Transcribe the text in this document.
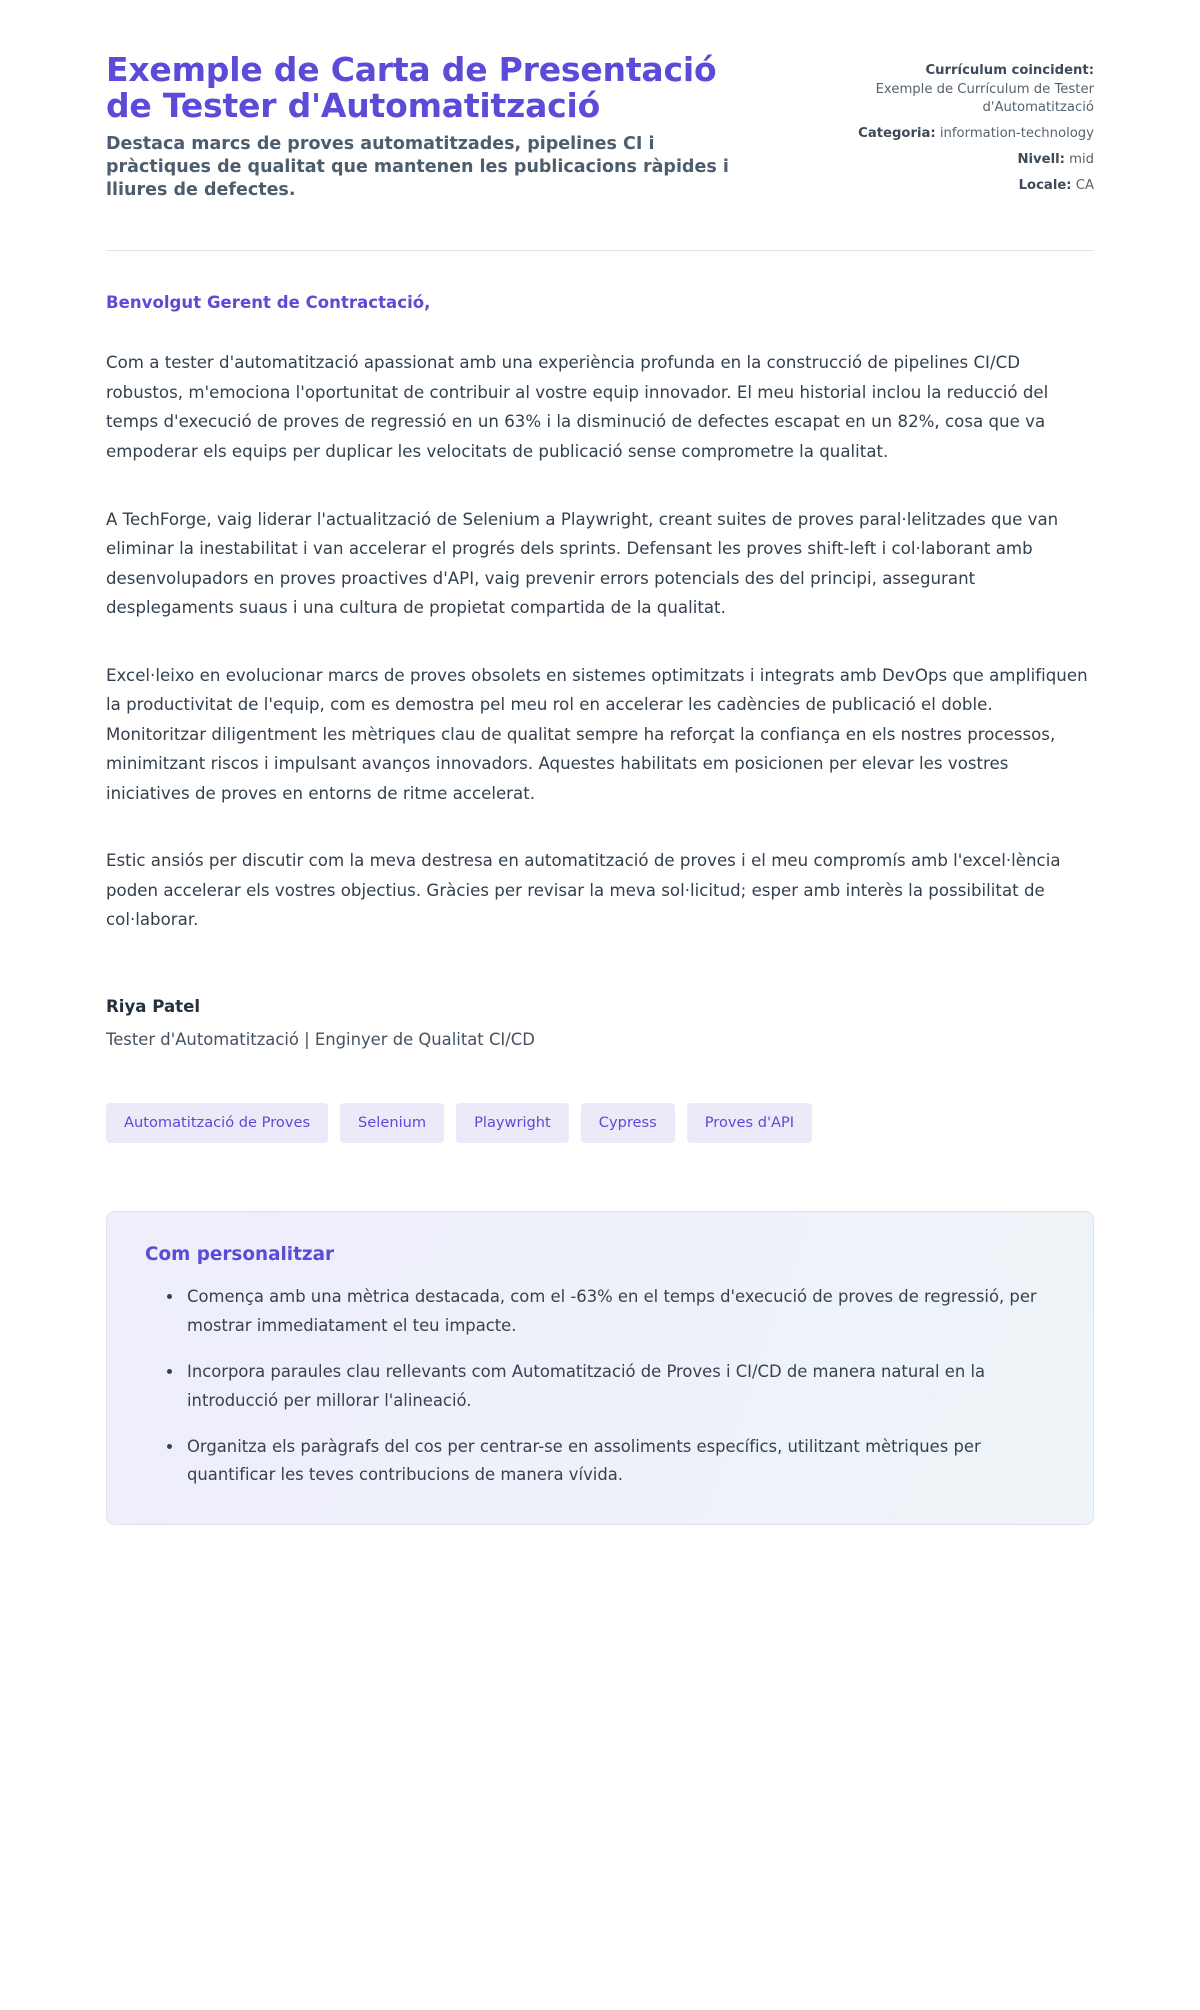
Exemple de Carta de Presentació de Tester d'Automatització

Destaca marcs de proves automatitzades, pipelines CI i pràctiques de qualitat que mantenen les publicacions ràpides i lliures de defectes.

Currículum coincident:
Exemple de Currículum de Tester d'Automatització
Categoria: information-technology
Nivell: mid
Locale: CA

Benvolgut Gerent de Contractació,

Com a tester d'automatització apassionat amb una experiència profunda en la construcció de pipelines CI/CD robustos, m'emociona l'oportunitat de contribuir al vostre equip innovador. El meu historial inclou la reducció del temps d'execució de proves de regressió en un 63% i la disminució de defectes escapat en un 82%, cosa que va empoderar els equips per duplicar les velocitats de publicació sense comprometre la qualitat.

A TechForge, vaig liderar l'actualització de Selenium a Playwright, creant suites de proves paral·lelitzades que van eliminar la inestabilitat i van accelerar el progrés dels sprints. Defensant les proves shift-left i col·laborant amb desenvolupadors en proves proactives d'API, vaig prevenir errors potencials des del principi, assegurant desplegaments suaus i una cultura de propietat compartida de la qualitat.

Excel·leixo en evolucionar marcs de proves obsolets en sistemes optimitzats i integrats amb DevOps que amplifiquen la productivitat de l'equip, com es demostra pel meu rol en accelerar les cadències de publicació el doble. Monitoritzar diligentment les mètriques clau de qualitat sempre ha reforçat la confiança en els nostres processos, minimitzant riscos i impulsant avanços innovadors. Aquestes habilitats em posicionen per elevar les vostres iniciatives de proves en entorns de ritme accelerat.

Estic ansiós per discutir com la meva destresa en automatització de proves i el meu compromís amb l'excel·lència poden accelerar els vostres objectius. Gràcies per revisar la meva sol·licitud; esper amb interès la possibilitat de col·laborar.

Riya Patel

Tester d'Automatització | Enginyer de Qualitat CI/CD

Automatització de Proves	Selenium	Playwright	Cypress	Proves d'API
Com personalitzar
Comença amb una mètrica destacada, com el -63% en el temps d'execució de proves de regressió, per mostrar immediatament el teu impacte.
Incorpora paraules clau rellevants com Automatització de Proves i CI/CD de manera natural en la introducció per millorar l'alineació.
Organitza els paràgrafs del cos per centrar-se en assoliments específics, utilitzant mètriques per quantificar les teves contribucions de manera vívida.
